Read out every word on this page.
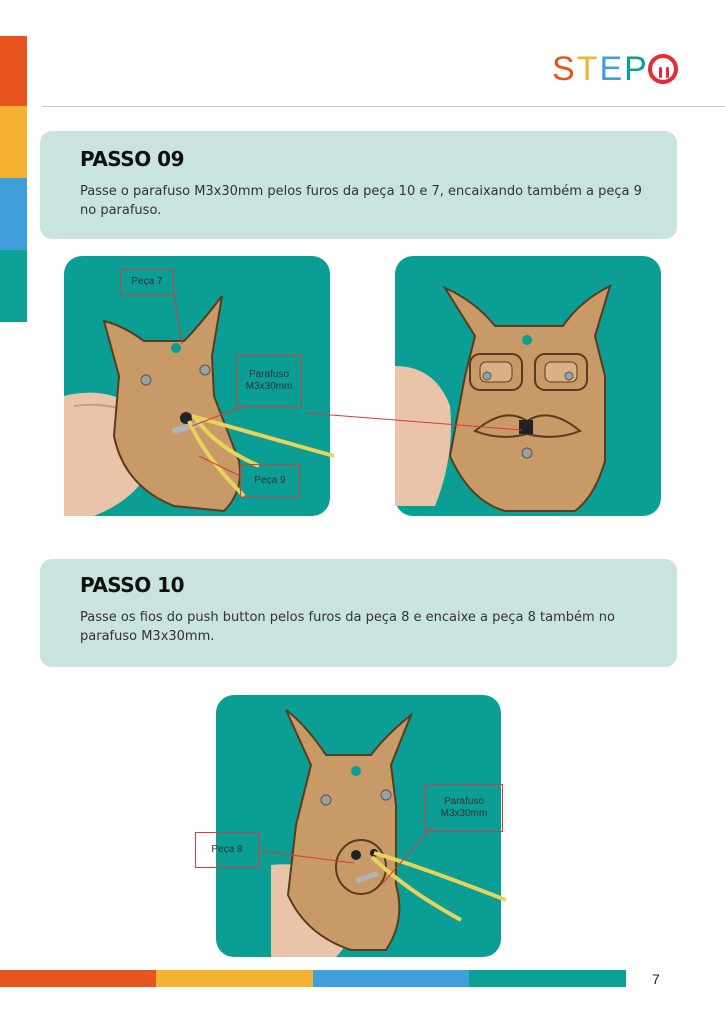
STEP
PASSO 09

Passe o parafuso M3x30mm pelos furos da peça 10 e 7, encaixando também a peça 9 no parafuso.

Peça 7
Parafuso M3x30mm
Peça 9
PASSO 10

Passe os fios do push button pelos furos da peça 8 e encaixe a peça 8 também no parafuso M3x30mm.

Peça 8
Parafuso M3x30mm
7
